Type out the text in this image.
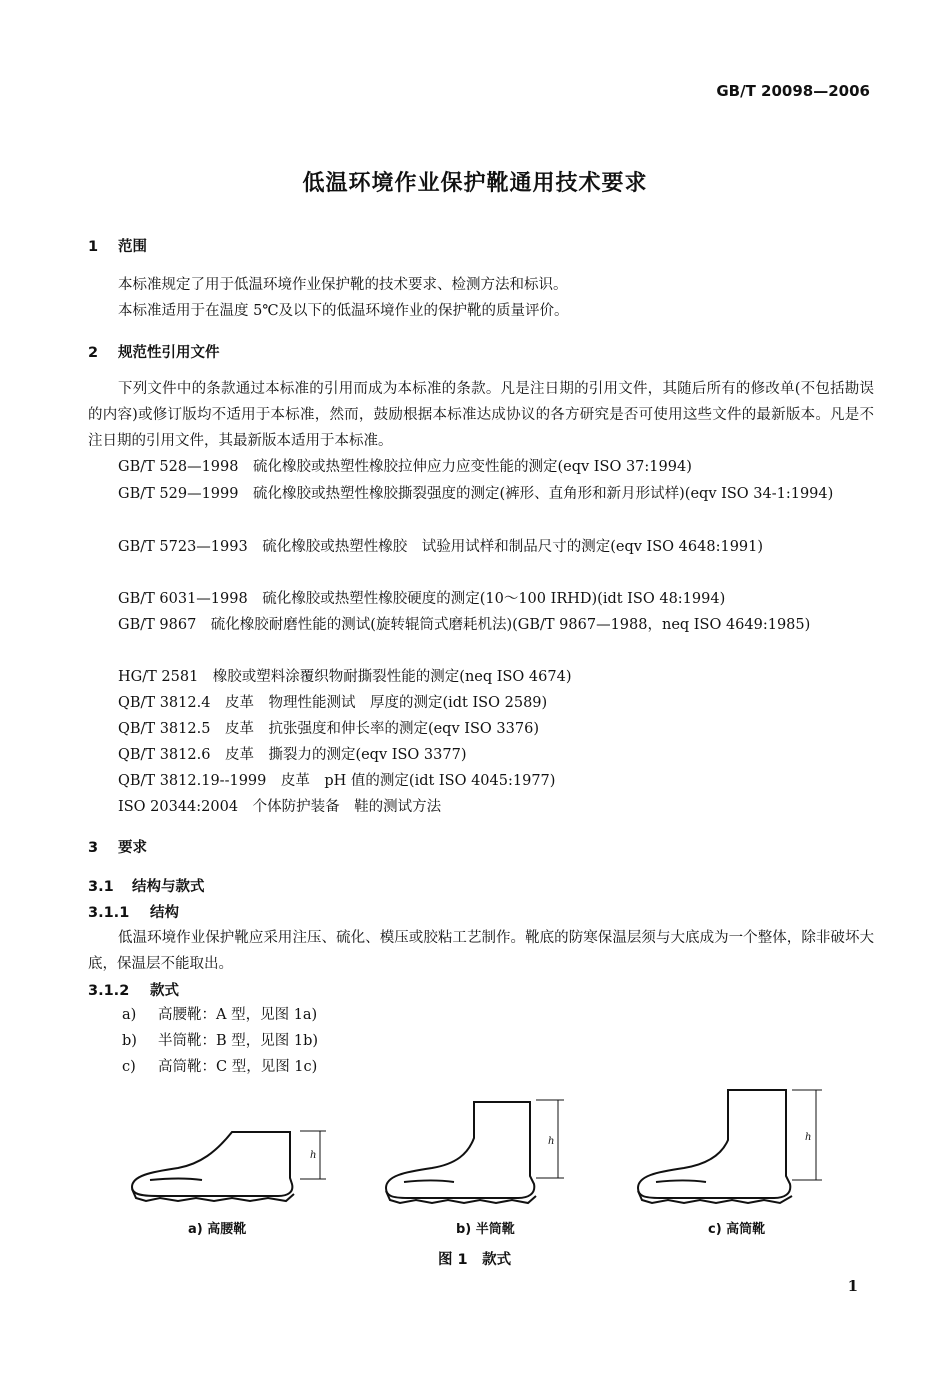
GB/T 20098—2006
低温环境作业保护靴通用技术要求
1 范围
本标准规定了用于低温环境作业保护靴的技术要求、检测方法和标识。
本标准适用于在温度 5℃及以下的低温环境作业的保护靴的质量评价。
2 规范性引用文件
下列文件中的条款通过本标准的引用而成为本标准的条款。凡是注日期的引用文件，其随后所有的修改单(不包括勘误的内容)或修订版均不适用于本标准，然而，鼓励根据本标准达成协议的各方研究是否可使用这些文件的最新版本。凡是不注日期的引用文件，其最新版本适用于本标准。
GB/T 528—1998　硫化橡胶或热塑性橡胶拉伸应力应变性能的测定(eqv ISO 37:1994)
GB/T 529—1999　硫化橡胶或热塑性橡胶撕裂强度的测定(裤形、直角形和新月形试样)(eqv ISO 34-1:1994)
GB/T 5723—1993　硫化橡胶或热塑性橡胶　试验用试样和制品尺寸的测定(eqv ISO 4648:1991)
GB/T 6031—1998　硫化橡胶或热塑性橡胶硬度的测定(10～100 IRHD)(idt ISO 48:1994)
GB/T 9867　硫化橡胶耐磨性能的测试(旋转辊筒式磨耗机法)(GB/T 9867—1988，neq ISO 4649:1985)
HG/T 2581　橡胶或塑料涂覆织物耐撕裂性能的测定(neq ISO 4674)
QB/T 3812.4　皮革　物理性能测试　厚度的测定(idt ISO 2589)
QB/T 3812.5　皮革　抗张强度和伸长率的测定(eqv ISO 3376)
QB/T 3812.6　皮革　撕裂力的测定(eqv ISO 3377)
QB/T 3812.19--1999　皮革　pH 值的测定(idt ISO 4045:1977)
ISO 20344:2004　个体防护装备　鞋的测试方法
3 要求
3.1 结构与款式
3.1.1 结构
低温环境作业保护靴应采用注压、硫化、模压或胶粘工艺制作。靴底的防寒保温层须与大底成为一个整体，除非破坏大底，保温层不能取出。
3.1.2 款式
a) 高腰靴：A 型，见图 1a)
b) 半筒靴：B 型，见图 1b)
c) 高筒靴：C 型，见图 1c)
h
h	h
a) 高腰靴	b) 半筒靴	c) 高筒靴
图 1　款式
1
